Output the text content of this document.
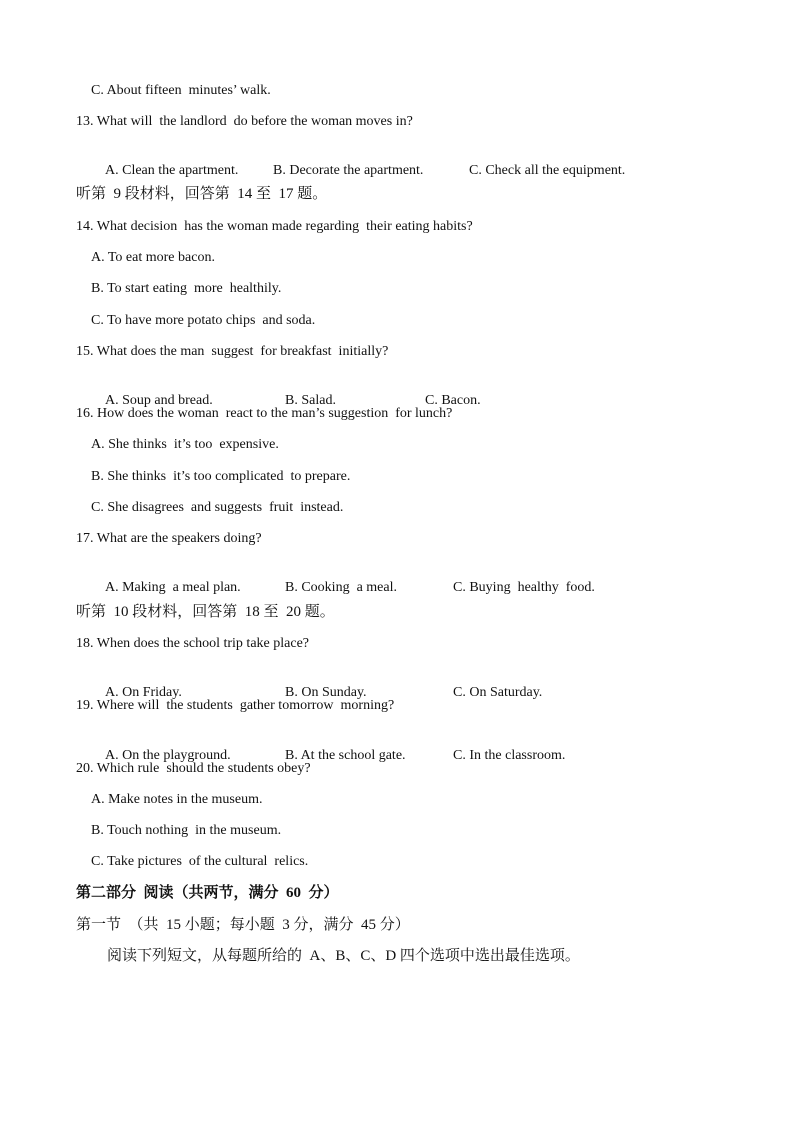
C. About fifteen  minutes’ walk.
13. What will  the landlord  do before the woman moves in?

A. Clean the apartment. B. Decorate the apartment.	C. Check all the equipment.

听第  9 段材料，回答第  14 至  17 题。
14. What decision  has the woman made regarding  their eating habits?
A. To eat more bacon.
B. To start eating  more  healthily.
C. To have more potato chips  and soda.
15. What does the man  suggest  for breakfast  initially?

A. Soup and bread.	B. Salad.	C. Bacon.

16. How does the woman  react to the man’s suggestion  for lunch?
A. She thinks  it’s too  expensive.
B. She thinks  it’s too complicated  to prepare.
C. She disagrees  and suggests  fruit  instead.
17. What are the speakers doing?

A. Making  a meal plan.	B. Cooking  a meal.	C. Buying  healthy  food.

听第  10 段材料，回答第  18 至  20 题。
18. When does the school trip take place?

A. On Friday.	B. On Sunday.	C. On Saturday.

19. Where will  the students  gather tomorrow  morning?

A. On the playground.	B. At the school gate.	C. In the classroom.

20. Which rule  should the students obey?
A. Make notes in the museum.
B. Touch nothing  in the museum.
C. Take pictures  of the cultural  relics.
第二部分  阅读（共两节，满分  60  分）
第一节  （共  15 小题；每小题  3 分，满分  45 分）
阅读下列短文，从每题所给的  A、B、C、D 四个选项中选出最佳选项。
